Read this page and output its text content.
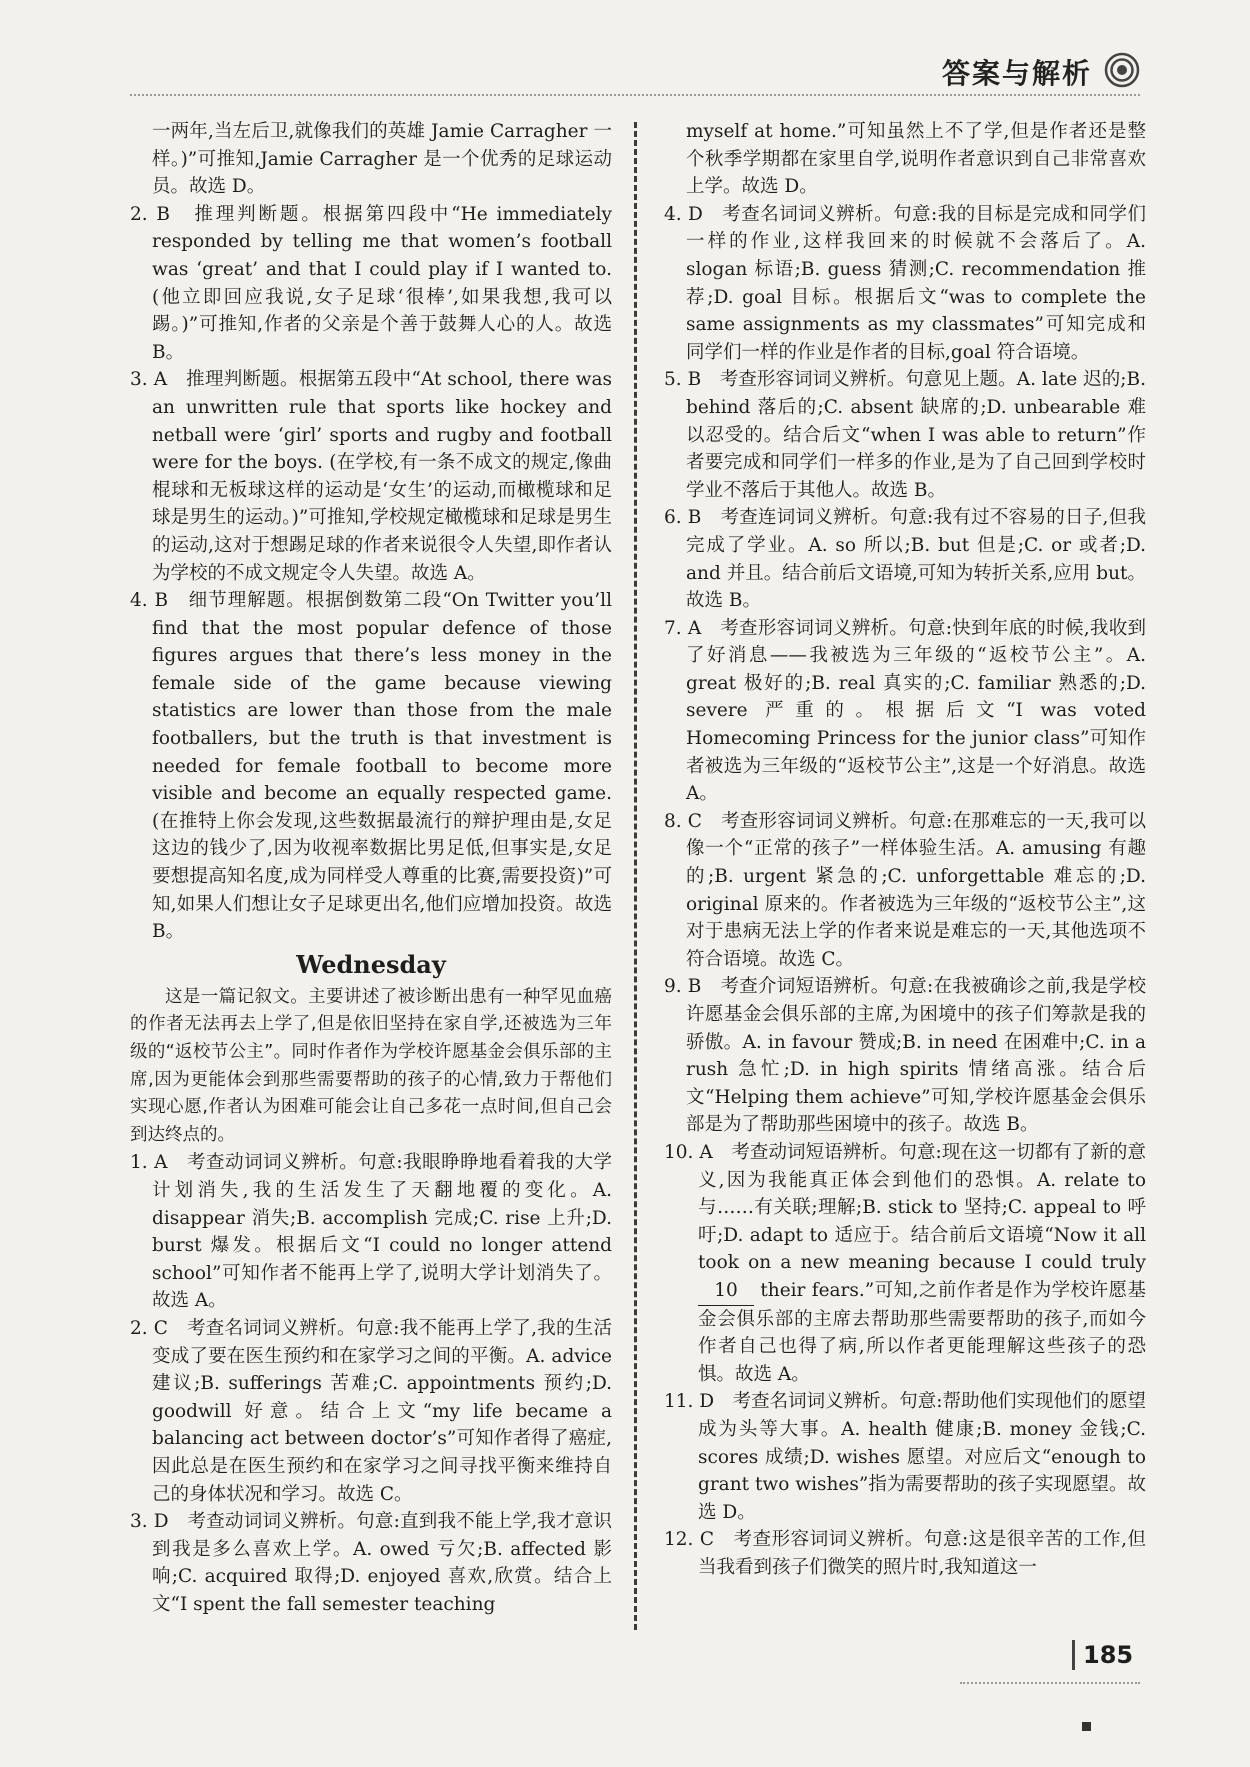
答案与解析

一两年,当左后卫,就像我们的英雄 Jamie Carragher 一样。)”可推知,Jamie Carragher 是一个优秀的足球运动员。故选 D。

2. B　推理判断题。根据第四段中“He immediately responded by telling me that women’s football was ‘great’ and that I could play if I wanted to. (他立即回应我说,女子足球‘很棒’,如果我想,我可以踢。)”可推知,作者的父亲是个善于鼓舞人心的人。故选 B。

3. A　推理判断题。根据第五段中“At school, there was an unwritten rule that sports like hockey and netball were ‘girl’ sports and rugby and football were for the boys. (在学校,有一条不成文的规定,像曲棍球和无板球这样的运动是‘女生’的运动,而橄榄球和足球是男生的运动。)”可推知,学校规定橄榄球和足球是男生的运动,这对于想踢足球的作者来说很令人失望,即作者认为学校的不成文规定令人失望。故选 A。

4. B　细节理解题。根据倒数第二段“On Twitter you’ll find that the most popular defence of those figures argues that there’s less money in the female side of the game because viewing statistics are lower than those from the male footballers, but the truth is that investment is needed for female football to become more visible and become an equally respected game. (在推特上你会发现,这些数据最流行的辩护理由是,女足这边的钱少了,因为收视率数据比男足低,但事实是,女足要想提高知名度,成为同样受人尊重的比赛,需要投资)”可知,如果人们想让女子足球更出名,他们应增加投资。故选 B。

Wednesday

这是一篇记叙文。主要讲述了被诊断出患有一种罕见血癌的作者无法再去上学了,但是依旧坚持在家自学,还被选为三年级的“返校节公主”。同时作者作为学校许愿基金会俱乐部的主席,因为更能体会到那些需要帮助的孩子的心情,致力于帮他们实现心愿,作者认为困难可能会让自己多花一点时间,但自己会到达终点的。

1. A　考查动词词义辨析。句意:我眼睁睁地看着我的大学计划消失,我的生活发生了天翻地覆的变化。A. disappear 消失;B. accomplish 完成;C. rise 上升;D. burst 爆发。根据后文“I could no longer attend school”可知作者不能再上学了,说明大学计划消失了。故选 A。

2. C　考查名词词义辨析。句意:我不能再上学了,我的生活变成了要在医生预约和在家学习之间的平衡。A. advice 建议;B. sufferings 苦难;C. appointments 预约;D. goodwill 好意。结合上文“my life became a balancing act between doctor’s”可知作者得了癌症,因此总是在医生预约和在家学习之间寻找平衡来维持自己的身体状况和学习。故选 C。

3. D　考查动词词义辨析。句意:直到我不能上学,我才意识到我是多么喜欢上学。A. owed 亏欠;B. affected 影响;C. acquired 取得;D. enjoyed 喜欢,欣赏。结合上文“I spent the fall semester teaching

myself at home.”可知虽然上不了学,但是作者还是整个秋季学期都在家里自学,说明作者意识到自己非常喜欢上学。故选 D。

4. D　考查名词词义辨析。句意:我的目标是完成和同学们一样的作业,这样我回来的时候就不会落后了。A. slogan 标语;B. guess 猜测;C. recommendation 推荐;D. goal 目标。根据后文“was to complete the same assignments as my classmates”可知完成和同学们一样的作业是作者的目标,goal 符合语境。

5. B　考查形容词词义辨析。句意见上题。A. late 迟的;B. behind 落后的;C. absent 缺席的;D. unbearable 难以忍受的。结合后文“when I was able to return”作者要完成和同学们一样多的作业,是为了自己回到学校时学业不落后于其他人。故选 B。

6. B　考查连词词义辨析。句意:我有过不容易的日子,但我完成了学业。A. so 所以;B. but 但是;C. or 或者;D. and 并且。结合前后文语境,可知为转折关系,应用 but。故选 B。

7. A　考查形容词词义辨析。句意:快到年底的时候,我收到了好消息——我被选为三年级的“返校节公主”。A. great 极好的;B. real 真实的;C. familiar 熟悉的;D. severe 严重的。根据后文“I was voted Homecoming Princess for the junior class”可知作者被选为三年级的“返校节公主”,这是一个好消息。故选 A。

8. C　考查形容词词义辨析。句意:在那难忘的一天,我可以像一个“正常的孩子”一样体验生活。A. amusing 有趣的;B. urgent 紧急的;C. unforgettable 难忘的;D. original 原来的。作者被选为三年级的“返校节公主”,这对于患病无法上学的作者来说是难忘的一天,其他选项不符合语境。故选 C。

9. B　考查介词短语辨析。句意:在我被确诊之前,我是学校许愿基金会俱乐部的主席,为困境中的孩子们筹款是我的骄傲。A. in favour 赞成;B. in need 在困难中;C. in a rush 急忙;D. in high spirits 情绪高涨。结合后文“Helping them achieve”可知,学校许愿基金会俱乐部是为了帮助那些困境中的孩子。故选 B。

10. A　考查动词短语辨析。句意:现在这一切都有了新的意义,因为我能真正体会到他们的恐惧。A. relate to 与……有关联;理解;B. stick to 坚持;C. appeal to 呼吁;D. adapt to 适应于。结合前后文语境“Now it all took on a new meaning because I could truly 10 their fears.”可知,之前作者是作为学校许愿基金会俱乐部的主席去帮助那些需要帮助的孩子,而如今作者自己也得了病,所以作者更能理解这些孩子的恐惧。故选 A。

11. D　考查名词词义辨析。句意:帮助他们实现他们的愿望成为头等大事。A. health 健康;B. money 金钱;C. scores 成绩;D. wishes 愿望。对应后文“enough to grant two wishes”指为需要帮助的孩子实现愿望。故选 D。

12. C　考查形容词词义辨析。句意:这是很辛苦的工作,但当我看到孩子们微笑的照片时,我知道这一

185
